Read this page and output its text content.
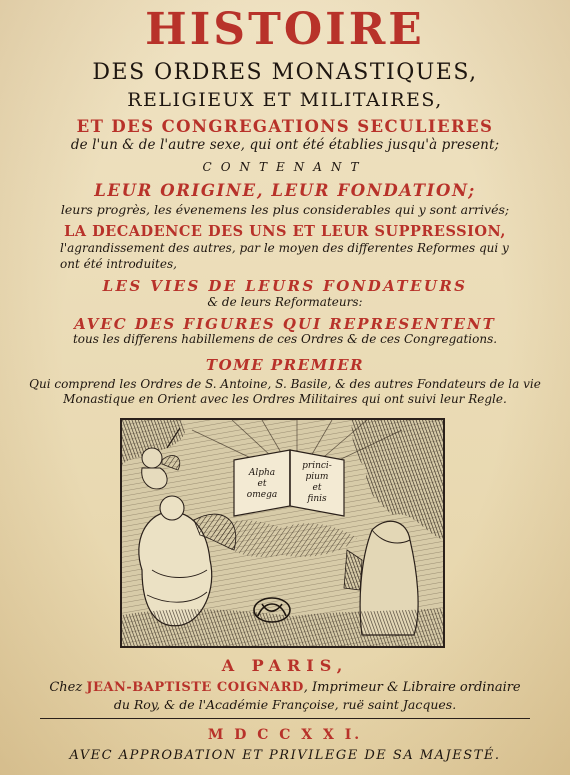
HISTOIRE
DES ORDRES MONASTIQUES,
RELIGIEUX ET MILITAIRES,
ET DES CONGREGATIONS SECULIERES
de l'un & de l'autre sexe, qui ont été établies jusqu'à present;
CONTENANT
LEUR ORIGINE, LEUR FONDATION;
leurs progrès, les évenemens les plus considerables qui y sont arrivés;
LA DECADENCE DES UNS ET LEUR SUPPRESSION,
l'agrandissement des autres, par le moyen des differentes Reformes qui y ont été introduites,
LES VIES DE LEURS FONDATEURS
& de leurs Reformateurs:
AVEC DES FIGURES QUI REPRESENTENT
tous les differens habillemens de ces Ordres & de ces Congregations.
TOME PREMIER
Qui comprend les Ordres de S. Antoine, S. Basile, & des autres Fondateurs de la vie
Monastique en Orient avec les Ordres Militaires qui ont suivi leur Regle.
Alpha
et
omega
princi-
pium
et
finis
A PARIS,
Chez JEAN-BAPTISTE COIGNARD, Imprimeur & Libraire ordinaire
du Roy, & de l'Académie Françoise, ruë saint Jacques.
M D C C X X I.
AVEC APPROBATION ET PRIVILEGE DE SA MAJESTÉ.
